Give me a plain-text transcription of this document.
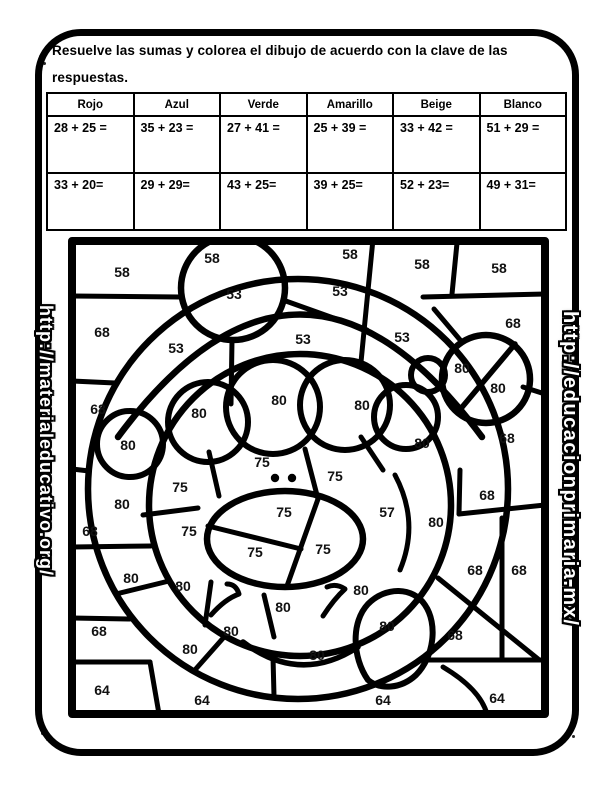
Resuelve las sumas y colorea el dibujo de acuerdo con la clave de las respuestas.
Rojo	Azul	Verde	Amarillo	Beige	Blanco
28 + 25 =	35 + 23 =	27 + 41 =	25 + 39 =	33 + 42 =	51 + 29 =
33 + 20=	29 + 29=	43 + 25=	39 + 25=	52 + 23=	49 + 31=
58
58	58
58	58
53	53
53
53	53
68
68
68
68
68
68
68 68
68	68
80
80
80
80	80
80	80
80
80
80	80
80
80
80
80
80
80
75
75
75
75
75
75	75
57
64
64	64	64
http://materialeducativo.org/	http://educacionprimaria.mx/
